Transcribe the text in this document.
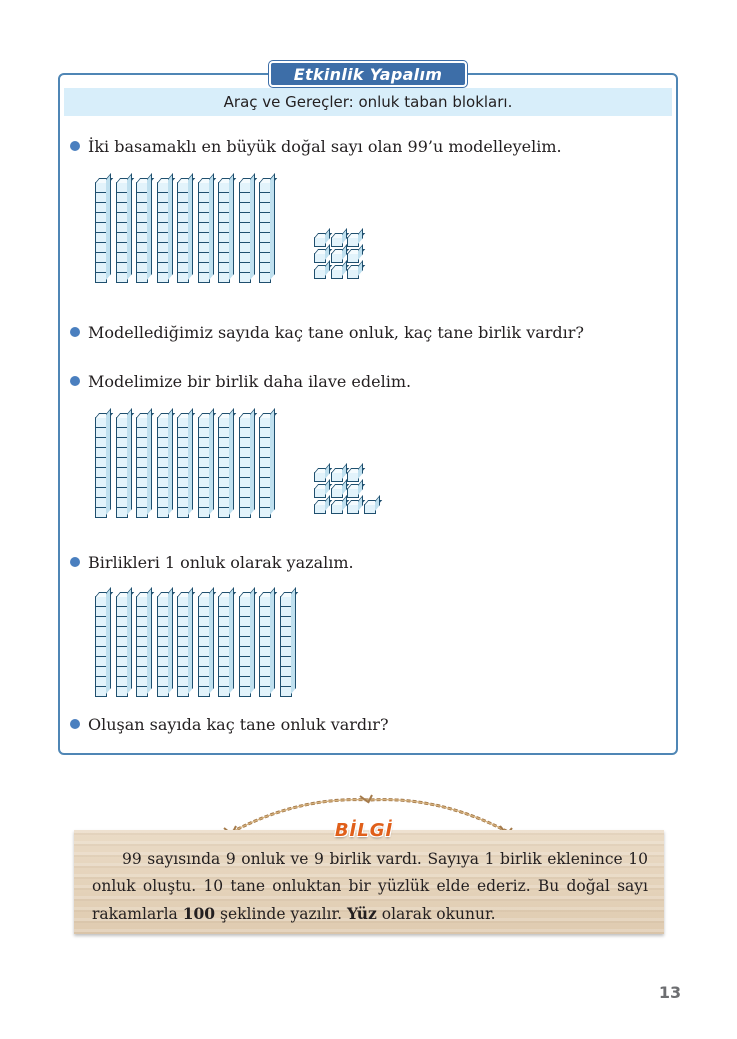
Etkinlik Yapalım
Araç ve Gereçler: onluk taban blokları.
İki basamaklı en büyük doğal sayı olan 99’u modelleyelim.
Modellediğimiz sayıda kaç tane onluk, kaç tane birlik vardır?
Modelimize bir birlik daha ilave edelim.
Birlikleri 1 onluk olarak yazalım.
Oluşan sayıda kaç tane onluk vardır?
BİLGİ
99 sayısında 9 onluk ve 9 birlik vardı. Sayıya 1 birlik eklenince 10 onluk oluştu. 10 tane onluktan bir yüzlük elde ederiz. Bu doğal sayı rakamlarla 100 şeklinde yazılır. Yüz olarak okunur.
13
